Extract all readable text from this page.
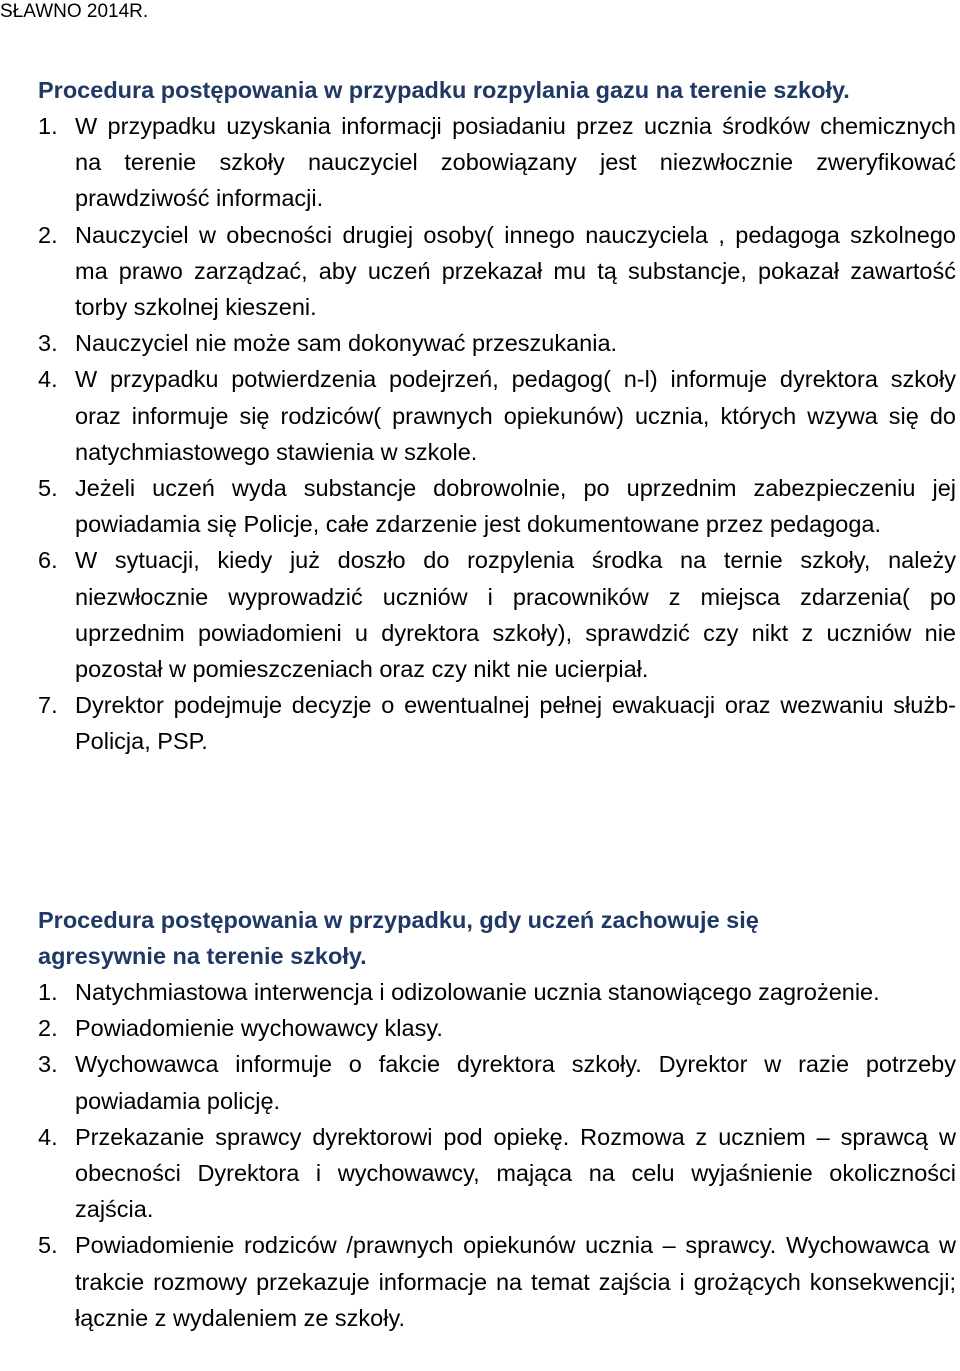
SŁAWNO 2014R.
Procedura postępowania w przypadku rozpylania gazu na terenie szkoły.
1. W przypadku uzyskania informacji posiadaniu przez ucznia środków chemicznych na terenie szkoły nauczyciel zobowiązany jest niezwłocznie zweryfikować prawdziwość informacji.
2. Nauczyciel w obecności drugiej osoby( innego nauczyciela , pedagoga szkolnego ma prawo zarządzać, aby uczeń przekazał mu tą substancje, pokazał zawartość torby szkolnej kieszeni.
3. Nauczyciel nie może sam dokonywać przeszukania.
4. W przypadku potwierdzenia podejrzeń, pedagog( n-l) informuje dyrektora szkoły oraz informuje się rodziców( prawnych opiekunów) ucznia, których wzywa się do natychmiastowego stawienia w szkole.
5. Jeżeli uczeń wyda substancje dobrowolnie, po uprzednim zabezpieczeniu jej powiadamia się Policje, całe zdarzenie jest dokumentowane przez pedagoga.
6. W sytuacji, kiedy już doszło do rozpylenia środka na ternie szkoły, należy niezwłocznie wyprowadzić uczniów i pracowników z miejsca zdarzenia( po uprzednim powiadomieni u dyrektora szkoły), sprawdzić czy nikt z uczniów nie pozostał w pomieszczeniach oraz czy nikt nie ucierpiał.
7. Dyrektor podejmuje decyzje o ewentualnej pełnej ewakuacji oraz wezwaniu służb- Policja, PSP.
Procedura postępowania w przypadku, gdy uczeń zachowuje się
agresywnie na terenie szkoły.
1. Natychmiastowa interwencja i odizolowanie ucznia stanowiącego zagrożenie.
2. Powiadomienie wychowawcy klasy.
3. Wychowawca informuje o fakcie dyrektora szkoły. Dyrektor w razie potrzeby powiadamia policję.
4. Przekazanie sprawcy dyrektorowi pod opiekę. Rozmowa z uczniem – sprawcą w obecności Dyrektora i wychowawcy, mająca na celu wyjaśnienie okoliczności zajścia.
5. Powiadomienie rodziców /prawnych opiekunów ucznia – sprawcy. Wychowawca w trakcie rozmowy przekazuje informacje na temat zajścia i grożących konsekwencji; łącznie z wydaleniem ze szkoły.
